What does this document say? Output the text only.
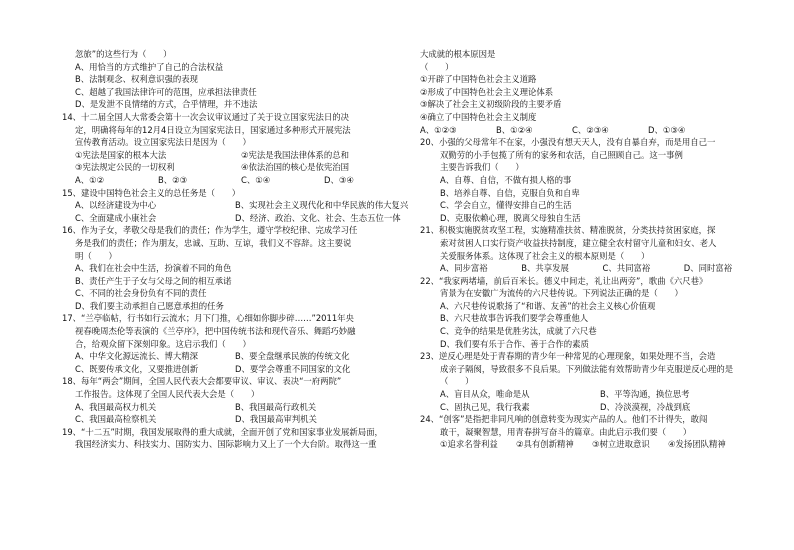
忽旅”的这些行为（　　）
A、用恰当的方式维护了自己的合法权益
B、法制观念、权利意识强的表现
C、超越了我国法律许可的范围，应承担法律责任
D、是发泄不良情绪的方式，合乎情理，并不违法
14、十二届全国人大常委会第十一次会议审议通过了关于设立国家宪法日的决
定，明确将每年的12月4日设立为国家宪法日，国家通过多种形式开展宪法
宣传教育活动。设立国家宪法日是因为（　　）
①宪法是国家的根本大法	②宪法是我国法律体系的总和
③宪法规定公民的一切权利	④依法治国的核心是依宪治国
A、①②	B、②③	C、①④	D、③④
15、建设中国特色社会主义的总任务是（　　）
A、以经济建设为中心	B、实现社会主义现代化和中华民族的伟大复兴
C、全面建成小康社会	D、经济、政治、文化、社会、生态五位一体
16、作为子女，孝敬父母是我们的责任；作为学生，遵守学校纪律、完成学习任
务是我们的责任；作为朋友，忠诚、互助、互谅，我们义不容辞。这主要说
明（　　）
A、我们在社会中生活，扮演着不同的角色
B、责任产生于子女与父母之间的相互承诺
C、不同的社会身份负有不同的责任
D、我们要主动承担自己愿意承担的任务
17、“兰亭临帖，行书如行云流水；月下门推，心细如你脚步碎……”2011年央
视春晚周杰伦等表演的《兰亭序》，把中国传统书法和现代音乐、舞蹈巧妙融
合，给观众留下深刻印象。这启示我们（　　）
A、中华文化源远流长、博大精深	B、要全盘继承民族的传统文化
C、既要传承文化，又要推进创新	D、要学会尊重不同国家的文化
18、每年“两会”期间，全国人民代表大会都要审议、审议、表决“一府两院”
工作报告。这体现了全国人民代表大会是（　　）
A、我国最高权力机关	B、我国最高行政机关
C、我国最高检察机关	D、我国最高审判机关
19、“十二五”时期，我国发展取得的重大成就，全面开创了党和国家事业发展新局面，
我国经济实力、科技实力、国防实力、国际影响力又上了一个大台阶。取得这一重
大成就的根本原因是
（　　）
①开辟了中国特色社会主义道路
②形成了中国特色社会主义理论体系
③解决了社会主义初级阶段的主要矛盾
④确立了中国特色社会主义制度
A、①②③	B、①②④	C、②③④	D、①③④
20、小强的父母常年不在家，小强没有想天天人，没有自暴自弃，而是用自己一
双勤劳的小手包揽了所有的家务和农活，自己照顾自己。这一事例
主要告诉我们（　　）
A、自尊、自信，不做有损人格的事
B、培养自尊、自信，克服自负和自卑
C、学会自立，懂得安排自己的生活
D、克服依赖心理，脱离父母独自生活
21、积极实施脱贫攻坚工程，实施精准扶贫、精准脱贫，分类扶持贫困家庭，探
索对贫困人口实行资产收益扶持制度，建立健全农村留守儿童和妇女、老人
关爱服务体系。这体现了社会主义的根本原则是（　　）
A、同步富裕	B、共享发展	C、共同富裕	D、同时富裕
22、“我家两堵墙，前后百米长。德义中间走，礼让出两旁”，歌曲《六尺巷》
宵景为在安徽广为流传的六尺巷传说。下列说法正确的是（　　）
A、六尺巷传说歌扬了“和谐、友善”的社会主义核心价值观
B、六尺巷故事告诉我们要学会尊重他人
C、竞争的结果是优胜劣汰，成就了六尺巷
D、我们要有乐于合作、善于合作的素质
23、逆反心理是处于青春期的青少年一种常见的心理现象，如果处理不当，会造
成亲子隔阂，导致很多不良后果。下列做法能有效帮助青少年克服逆反心理的是
（　　）
A、盲目从众，唯命是从	B、平等沟通，换位思考
C、固执己见，我行我素	D、冷淡漠视，冷战到底
24、“创客”是指把非同凡响的创意转变为现实产品的人。他们不计得失，敢闯
敢干，凝聚智慧，用青春拼写奋斗的篇章。由此启示我们要（　　）
①追求名誉利益	②具有创新精神	③树立进取意识	④发扬团队精神
